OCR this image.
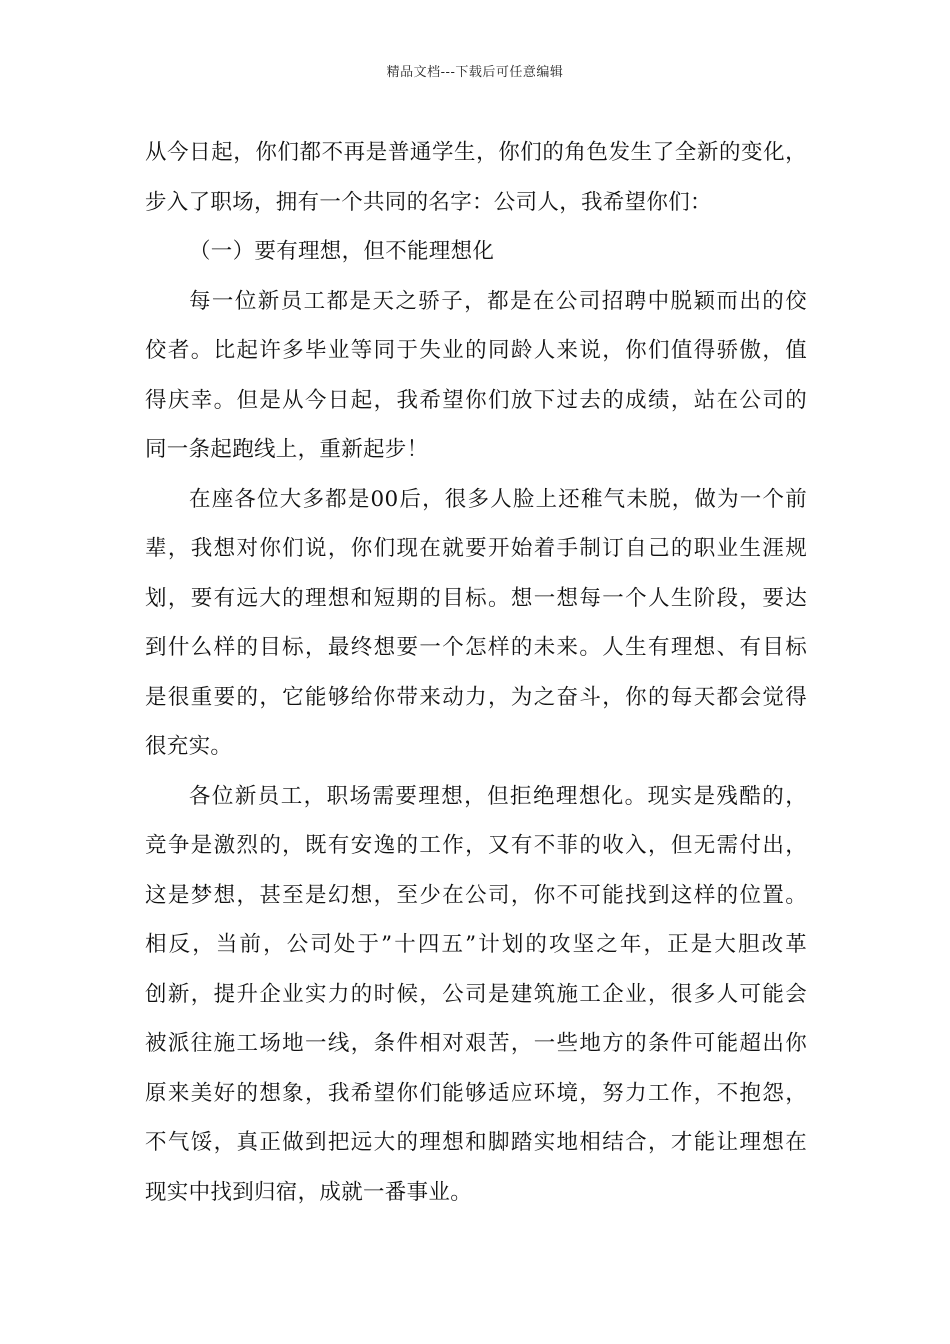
精品文档---下载后可任意编辑
从今日起，你们都不再是普通学生，你们的角色发生了全新的变化，
步入了职场，拥有一个共同的名字：公司人，我希望你们：
（一）要有理想，但不能理想化
每一位新员工都是天之骄子，都是在公司招聘中脱颖而出的佼
佼者。比起许多毕业等同于失业的同龄人来说，你们值得骄傲，值
得庆幸。但是从今日起，我希望你们放下过去的成绩，站在公司的
同一条起跑线上，重新起步！
在座各位大多都是00后，很多人脸上还稚气未脱，做为一个前
辈，我想对你们说，你们现在就要开始着手制订自己的职业生涯规
划，要有远大的理想和短期的目标。想一想每一个人生阶段，要达
到什么样的目标，最终想要一个怎样的未来。人生有理想、有目标
是很重要的，它能够给你带来动力，为之奋斗，你的每天都会觉得
很充实。
各位新员工，职场需要理想，但拒绝理想化。现实是残酷的，
竞争是激烈的，既有安逸的工作，又有不菲的收入，但无需付出，
这是梦想，甚至是幻想，至少在公司，你不可能找到这样的位置。
相反，当前，公司处于”十四五”计划的攻坚之年，正是大胆改革
创新，提升企业实力的时候，公司是建筑施工企业，很多人可能会
被派往施工场地一线，条件相对艰苦，一些地方的条件可能超出你
原来美好的想象，我希望你们能够适应环境，努力工作，不抱怨，
不气馁，真正做到把远大的理想和脚踏实地相结合，才能让理想在
现实中找到归宿，成就一番事业。
